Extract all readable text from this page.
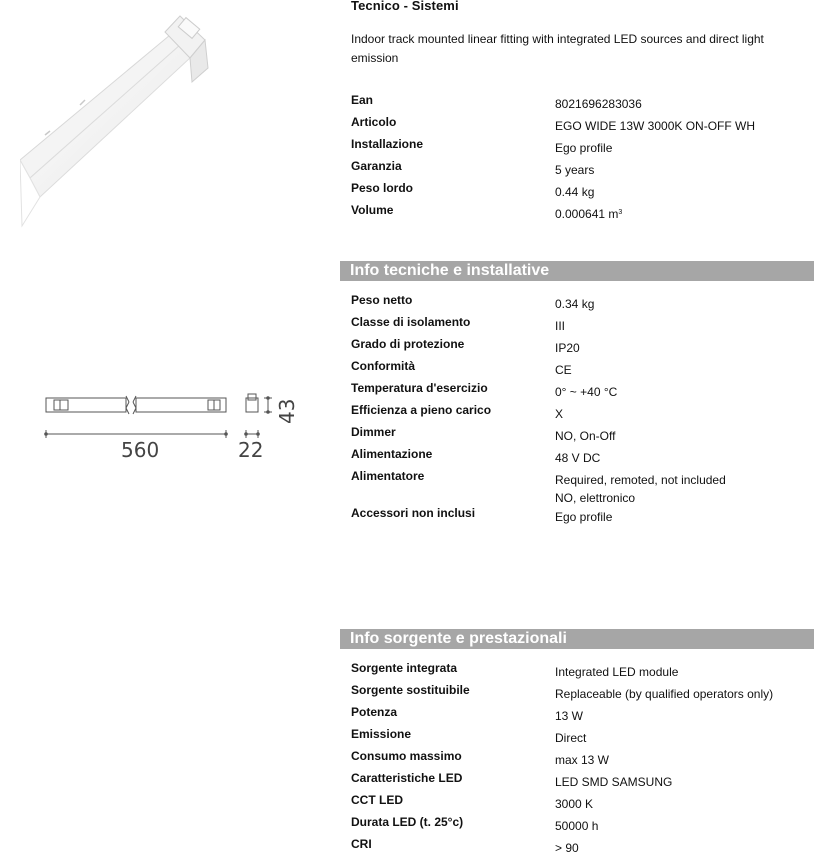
560	22
43
Tecnico - Sistemi
Indoor track mounted linear fitting with integrated LED sources and direct light emission
Ean	8021696283036
Articolo	EGO WIDE 13W 3000K ON-OFF WH
Installazione	Ego profile
Garanzia	5 years
Peso lordo	0.44 kg
Volume	0.000641 $m^3$
Info tecniche e installative
Peso netto	0.34 kg
Classe di isolamento	III
Grado di protezione	IP20
Conformità	CE
Temperatura d'esercizio	0° ~ +40 °C
Efficienza a pieno carico	X
Dimmer	NO, On-Off
Alimentazione	48 V DC
Alimentatore	Required, remoted, not included
NO, elettronico
Accessori non inclusi	Ego profile
Info sorgente e prestazionali
Sorgente integrata	Integrated LED module
Sorgente sostituibile	Replaceable (by qualified operators only)
Potenza	13 W
Emissione	Direct
Consumo massimo	max 13 W
Caratteristiche LED	LED SMD SAMSUNG
CCT LED	3000 K
Durata LED (t. 25°c)	50000 h
CRI	> 90
